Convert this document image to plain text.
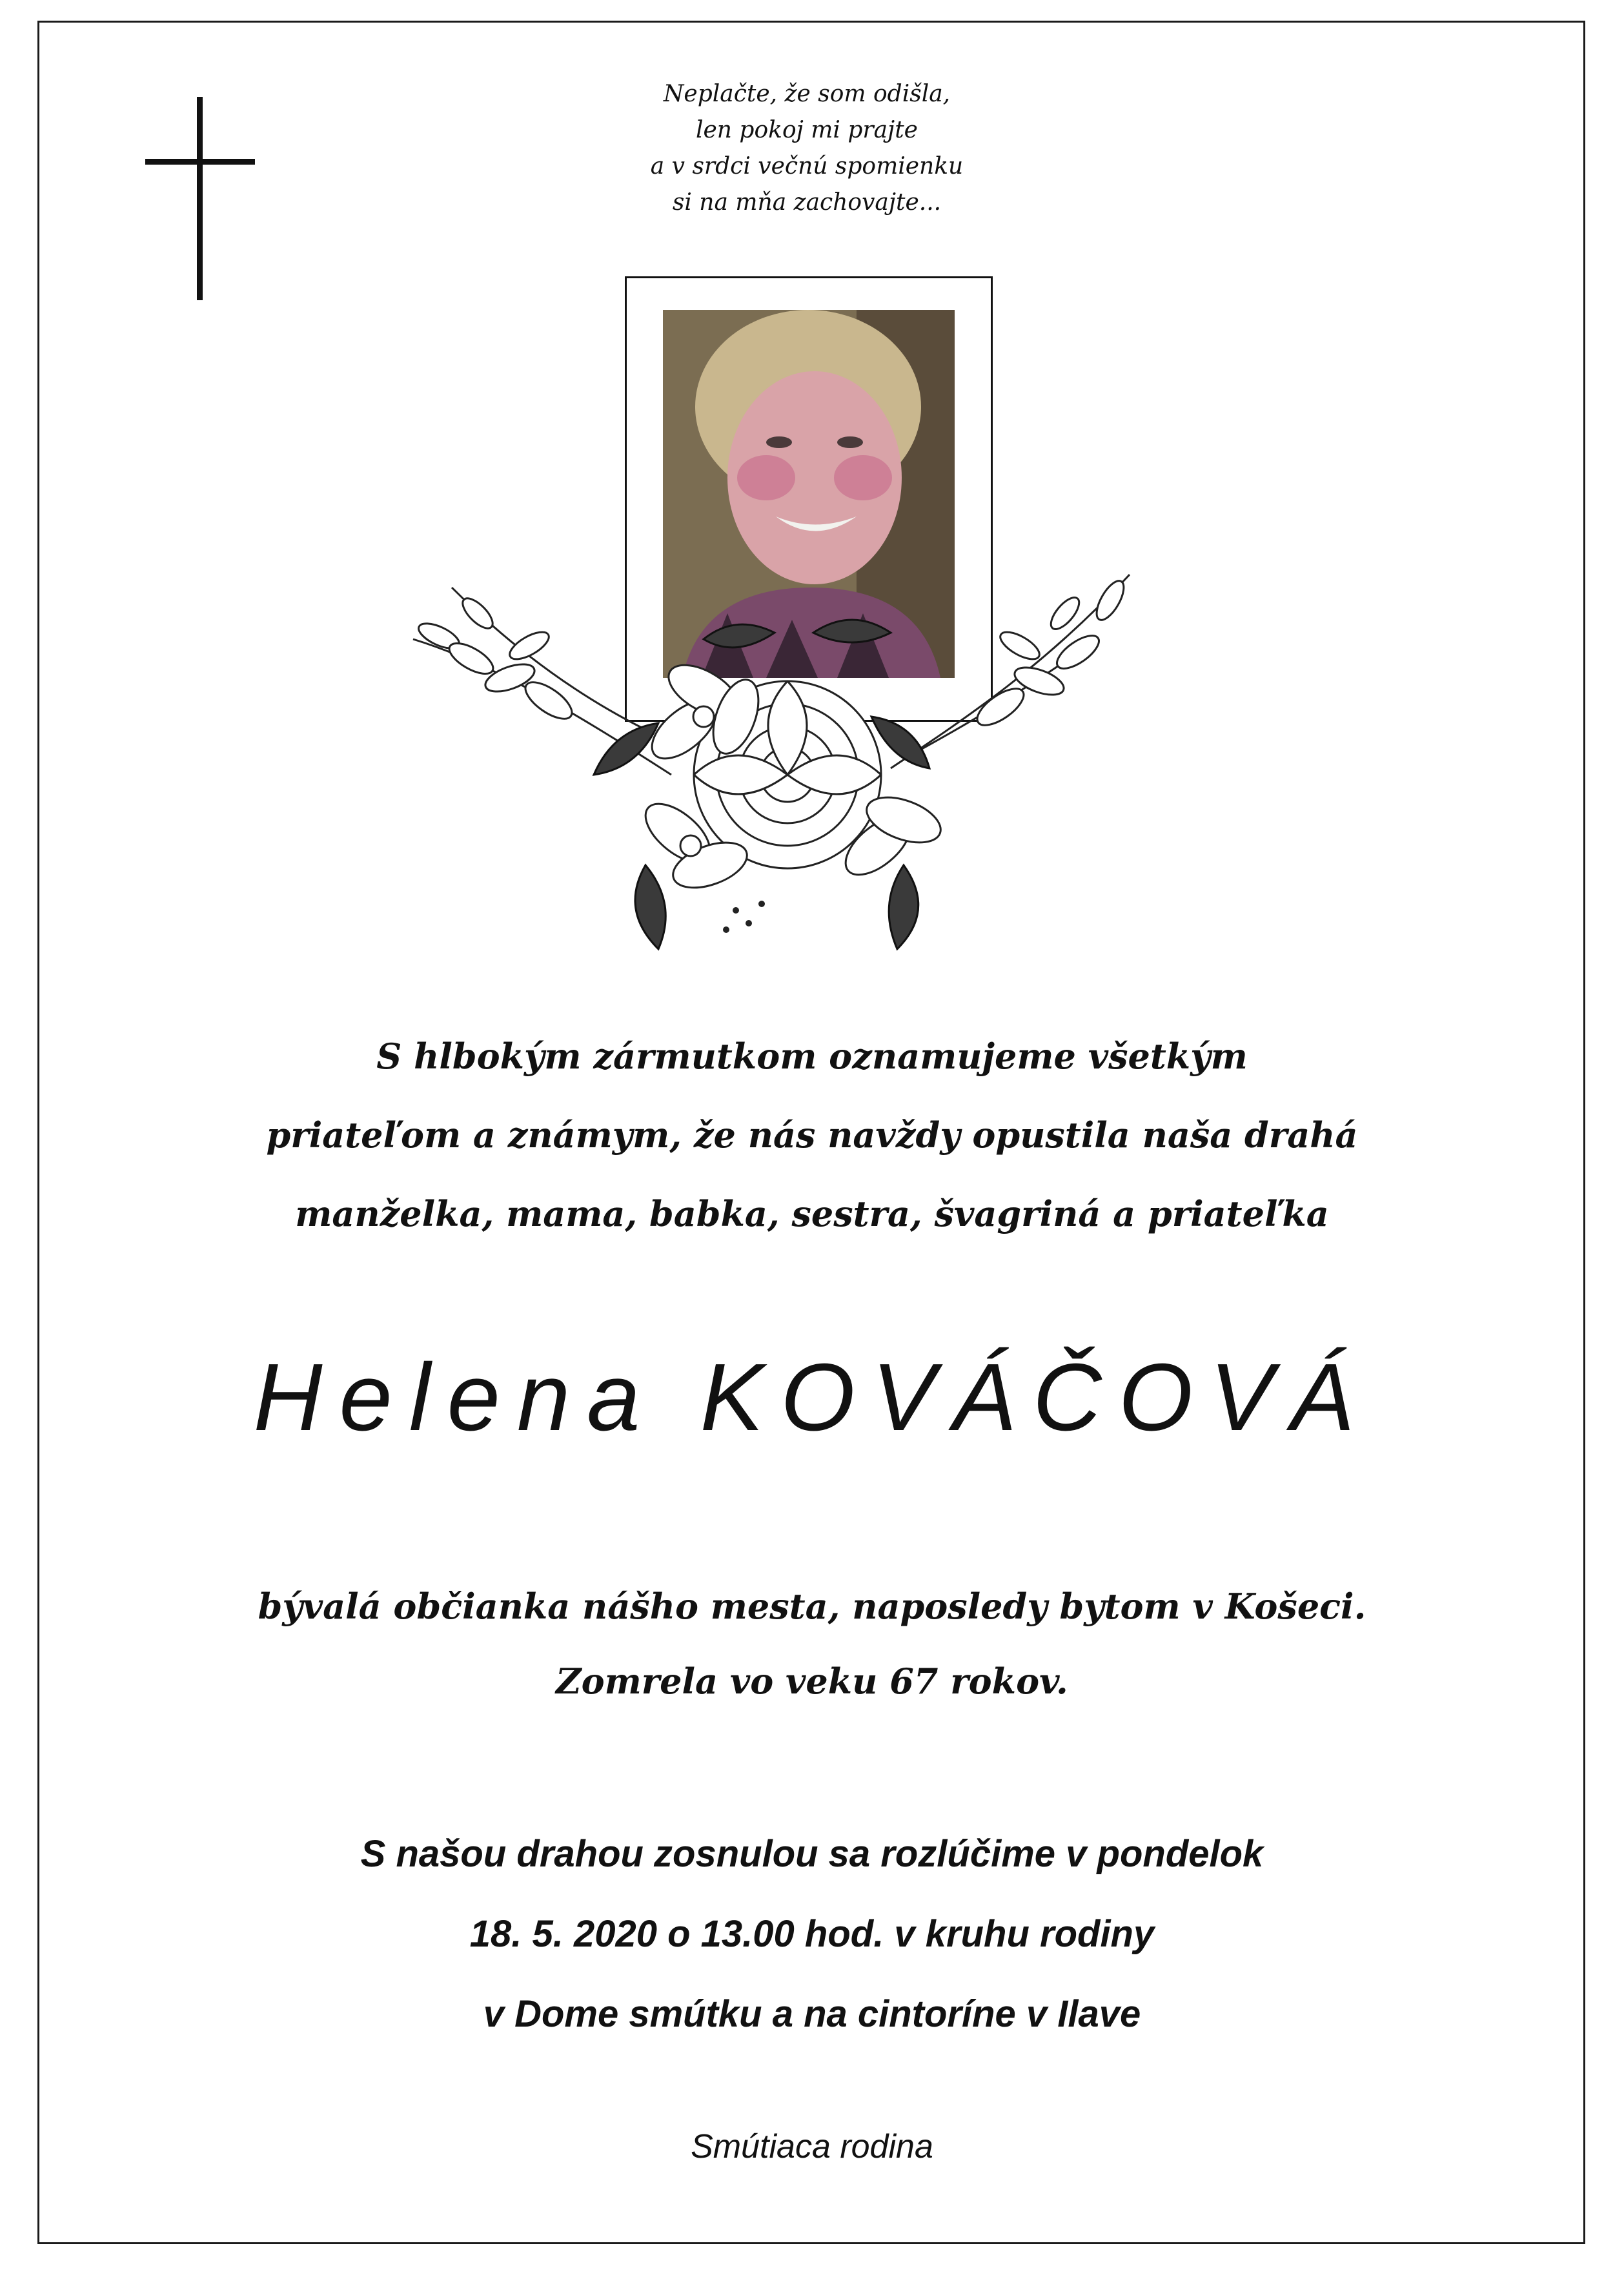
Neplačte, že som odišla,
len pokoj mi prajte
a v srdci večnú spomienku
si na mňa zachovajte...
S hlbokým zármutkom oznamujeme všetkým
priateľom a známym, že nás navždy opustila naša drahá
manželka, mama, babka, sestra, švagriná a priateľka
Helena KOVÁČOVÁ
bývalá občianka nášho mesta, naposledy bytom v Košeci.
Zomrela vo veku 67 rokov.
S našou drahou zosnulou sa rozlúčime v pondelok
18. 5. 2020 o 13.00 hod. v kruhu rodiny
v Dome smútku a na cintoríne v Ilave
Smútiaca rodina
